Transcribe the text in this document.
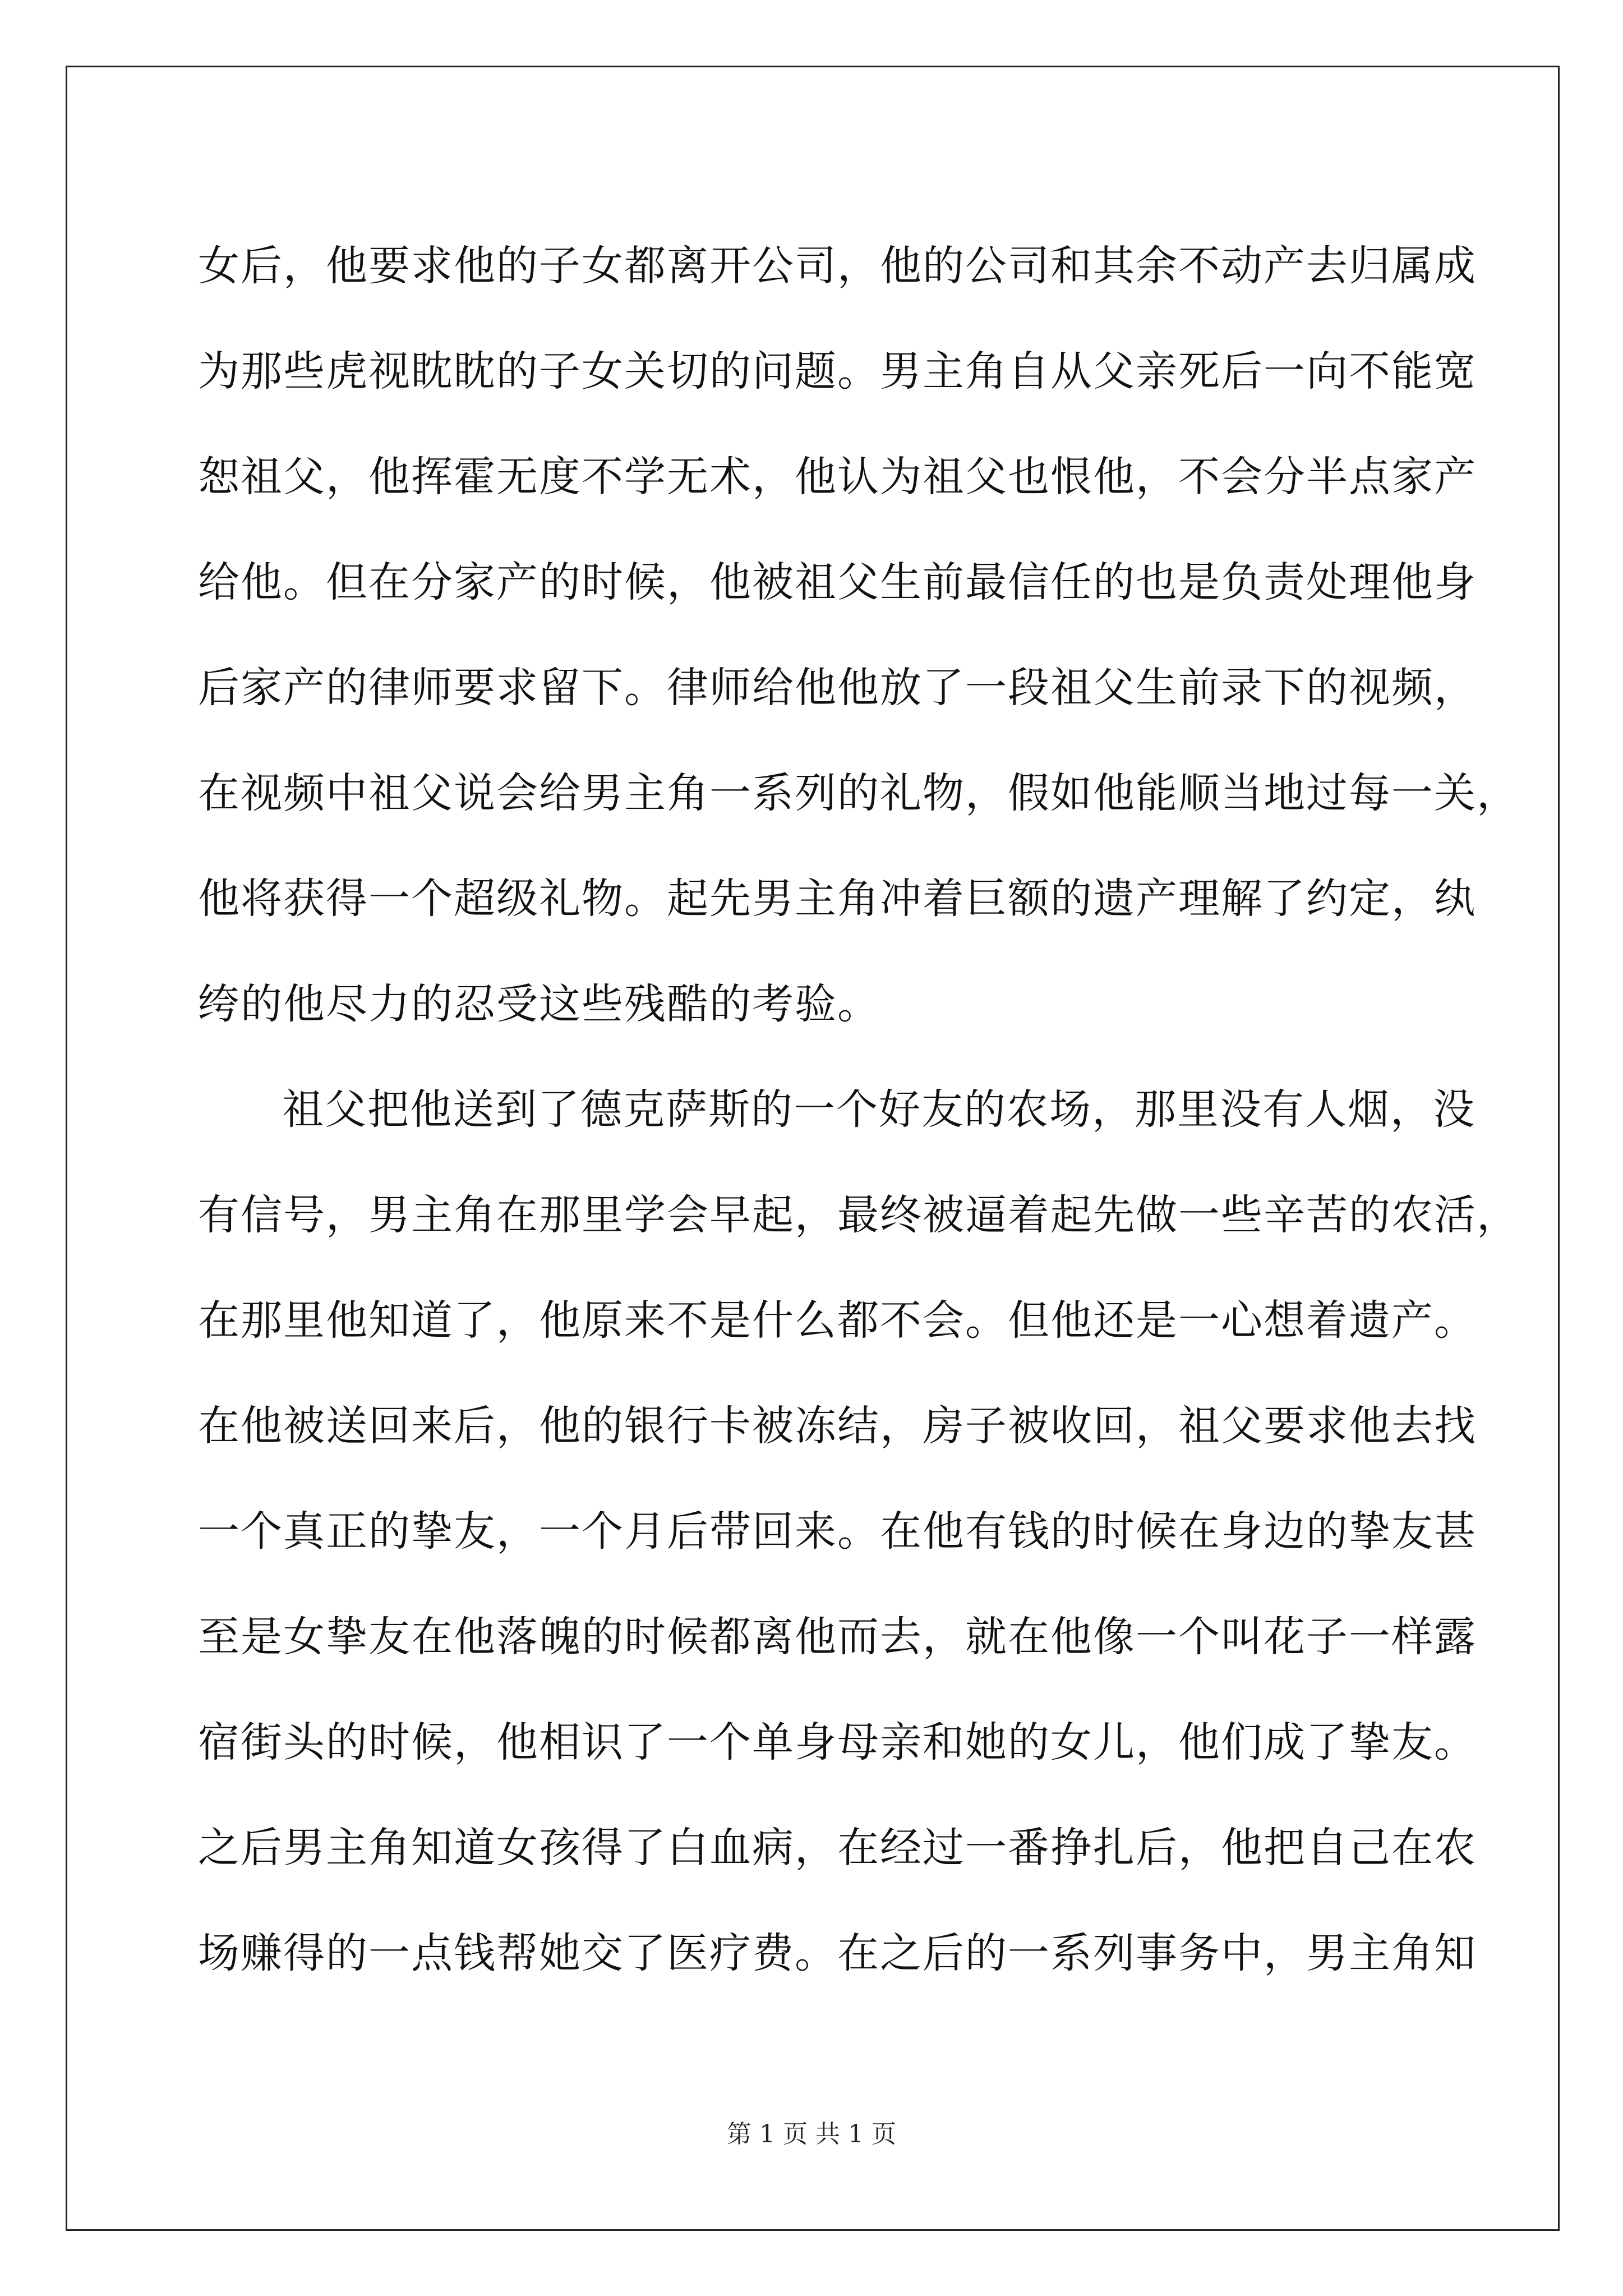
女后，他要求他的子女都离开公司，他的公司和其余不动产去归属成
为那些虎视眈眈的子女关切的问题。男主角自从父亲死后一向不能宽
恕祖父，他挥霍无度不学无术，他认为祖父也恨他，不会分半点家产
给他。但在分家产的时候，他被祖父生前最信任的也是负责处理他身
后家产的律师要求留下。律师给他他放了一段祖父生前录下的视频，
在视频中祖父说会给男主角一系列的礼物，假如他能顺当地过每一关，
他将获得一个超级礼物。起先男主角冲着巨额的遗产理解了约定，纨
绔的他尽力的忍受这些残酷的考验。
祖父把他送到了德克萨斯的一个好友的农场，那里没有人烟，没
有信号，男主角在那里学会早起，最终被逼着起先做一些辛苦的农活，
在那里他知道了，他原来不是什么都不会。但他还是一心想着遗产。
在他被送回来后，他的银行卡被冻结，房子被收回，祖父要求他去找
一个真正的挚友，一个月后带回来。在他有钱的时候在身边的挚友甚
至是女挚友在他落魄的时候都离他而去，就在他像一个叫花子一样露
宿街头的时候，他相识了一个单身母亲和她的女儿，他们成了挚友。
之后男主角知道女孩得了白血病，在经过一番挣扎后，他把自己在农
场赚得的一点钱帮她交了医疗费。在之后的一系列事务中，男主角知
第 1 页 共 1 页
